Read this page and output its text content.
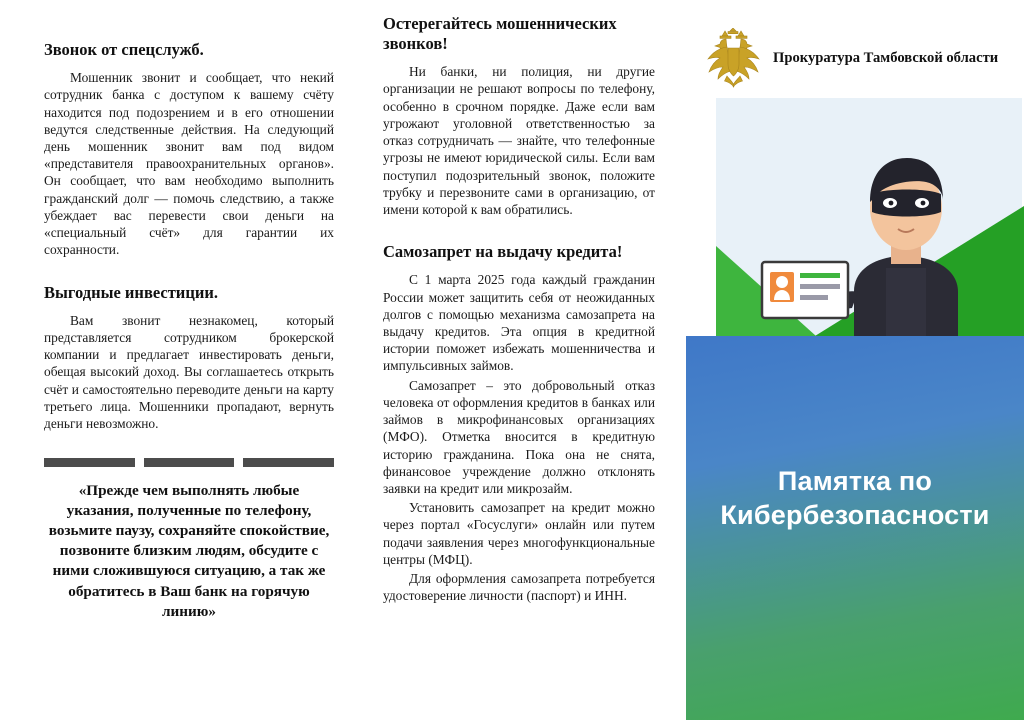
Звонок от спецслужб.

Мошенник звонит и сообщает, что некий сотрудник банка с доступом к вашему счёту находится под подозрением и в его отношении ведутся следственные действия. На следующий день мошенник звонит вам под видом «представителя правоохранительных органов». Он сообщает, что вам необходимо выполнить гражданский долг — помочь следствию, а также убеждает вас перевести свои деньги на «специальный счёт» для гарантии их сохранности.

Выгодные инвестиции.

Вам звонит незнакомец, который представляется сотрудником брокерской компании и предлагает инвестировать деньги, обещая высокий доход. Вы соглашаетесь открыть счёт и самостоятельно переводите деньги на карту третьего лица. Мошенники пропадают, вернуть деньги невозможно.

«Прежде чем выполнять любые указания, полученные по телефону, возьмите паузу, сохраняйте спокойствие, позвоните близким людям, обсудите с ними сложившуюся ситуацию, а так же обратитесь в Ваш банк на горячую линию»

Остерегайтесь мошеннических звонков!

Ни банки, ни полиция, ни другие организации не решают вопросы по телефону, особенно в срочном порядке. Даже если вам угрожают уголовной ответственностью за отказ сотрудничать — знайте, что телефонные угрозы не имеют юридической силы. Если вам поступил подозрительный звонок, положите трубку и перезвоните сами в организацию, от имени которой к вам обратились.

Самозапрет на выдачу кредита!

С 1 марта 2025 года каждый гражданин России может защитить себя от неожиданных долгов с помощью механизма самозапрета на выдачу кредитов. Эта опция в кредитной истории поможет избежать мошенничества и импульсивных займов.

Самозапрет – это добровольный отказ человека от оформления кредитов в банках или займов в микрофинансовых организациях (МФО). Отметка вносится в кредитную историю гражданина. Пока она не снята, финансовое учреждение должно отклонять заявки на кредит или микрозайм.

Установить самозапрет на кредит можно через портал «Госуслуги» онлайн или путем подачи заявления через многофункциональные центры (МФЦ).

Для оформления самозапрета потребуется удостоверение личности (паспорт) и ИНН.

Прокуратура Тамбовской области
Памятка по Кибербезопасности
